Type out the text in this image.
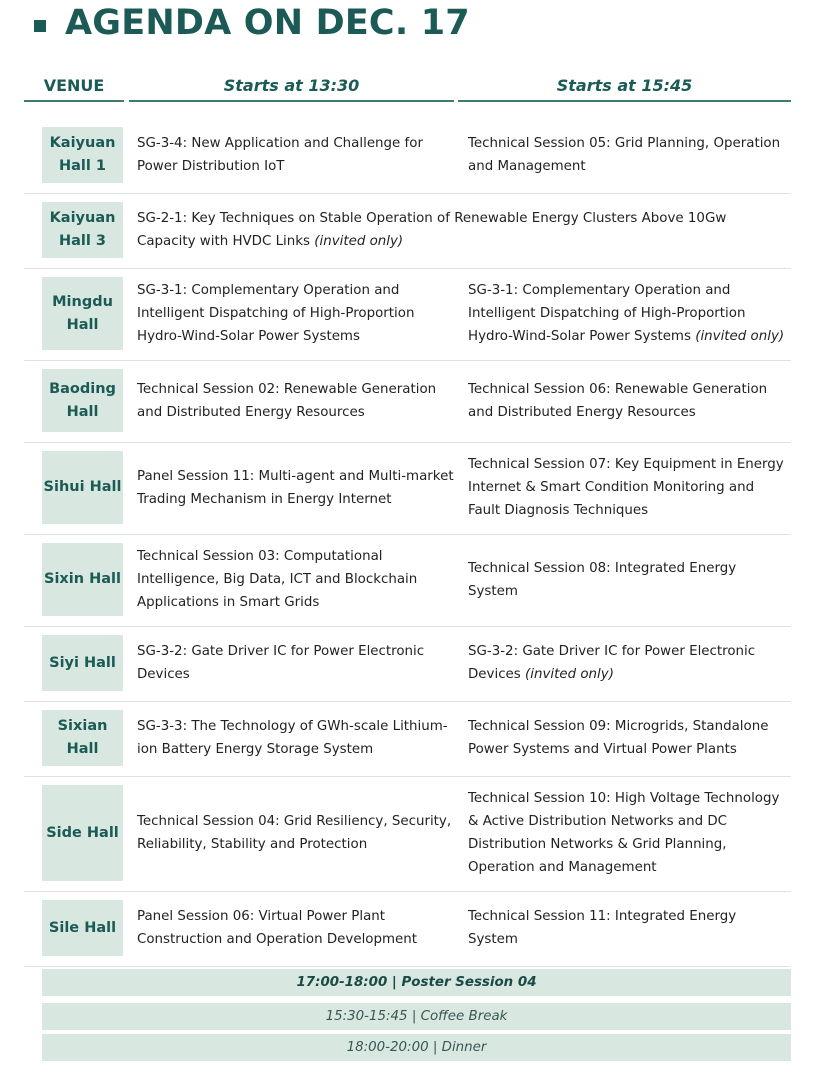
AGENDA ON DEC. 17
VENUE	Starts at 13:30	Starts at 15:45
Kaiyuan Hall 1
SG-3-4: New Application and Challenge for Power Distribution IoT
Technical Session 05: Grid Planning, Operation and Management
Kaiyuan Hall 3
SG-2-1: Key Techniques on Stable Operation of Renewable Energy Clusters Above 10Gw Capacity with HVDC Links (invited only)
Mingdu Hall
SG-3-1: Complementary Operation and Intelligent Dispatching of High-Proportion Hydro-Wind-Solar Power Systems
SG-3-1: Complementary Operation and Intelligent Dispatching of High-Proportion Hydro-Wind-Solar Power Systems (invited only)
Baoding Hall
Technical Session 02: Renewable Generation and Distributed Energy Resources
Technical Session 06: Renewable Generation and Distributed Energy Resources
Sihui Hall
Panel Session 11: Multi-agent and Multi-market Trading Mechanism in Energy Internet
Technical Session 07: Key Equipment in Energy Internet & Smart Condition Monitoring and Fault Diagnosis Techniques
Sixin Hall
Technical Session 03: Computational Intelligence, Big Data, ICT and Blockchain Applications in Smart Grids
Technical Session 08: Integrated Energy System
Siyi Hall
SG-3-2: Gate Driver IC for Power Electronic Devices
SG-3-2: Gate Driver IC for Power Electronic Devices (invited only)
Sixian Hall
SG-3-3: The Technology of GWh-scale Lithium-ion Battery Energy Storage System
Technical Session 09: Microgrids, Standalone Power Systems and Virtual Power Plants
Side Hall
Technical Session 04: Grid Resiliency, Security, Reliability, Stability and Protection
Technical Session 10: High Voltage Technology & Active Distribution Networks and DC Distribution Networks & Grid Planning, Operation and Management
Sile Hall
Panel Session 06: Virtual Power Plant Construction and Operation Development
Technical Session 11: Integrated Energy System
17:00-18:00 | Poster Session 04
15:30-15:45 | Coffee Break
18:00-20:00 | Dinner
